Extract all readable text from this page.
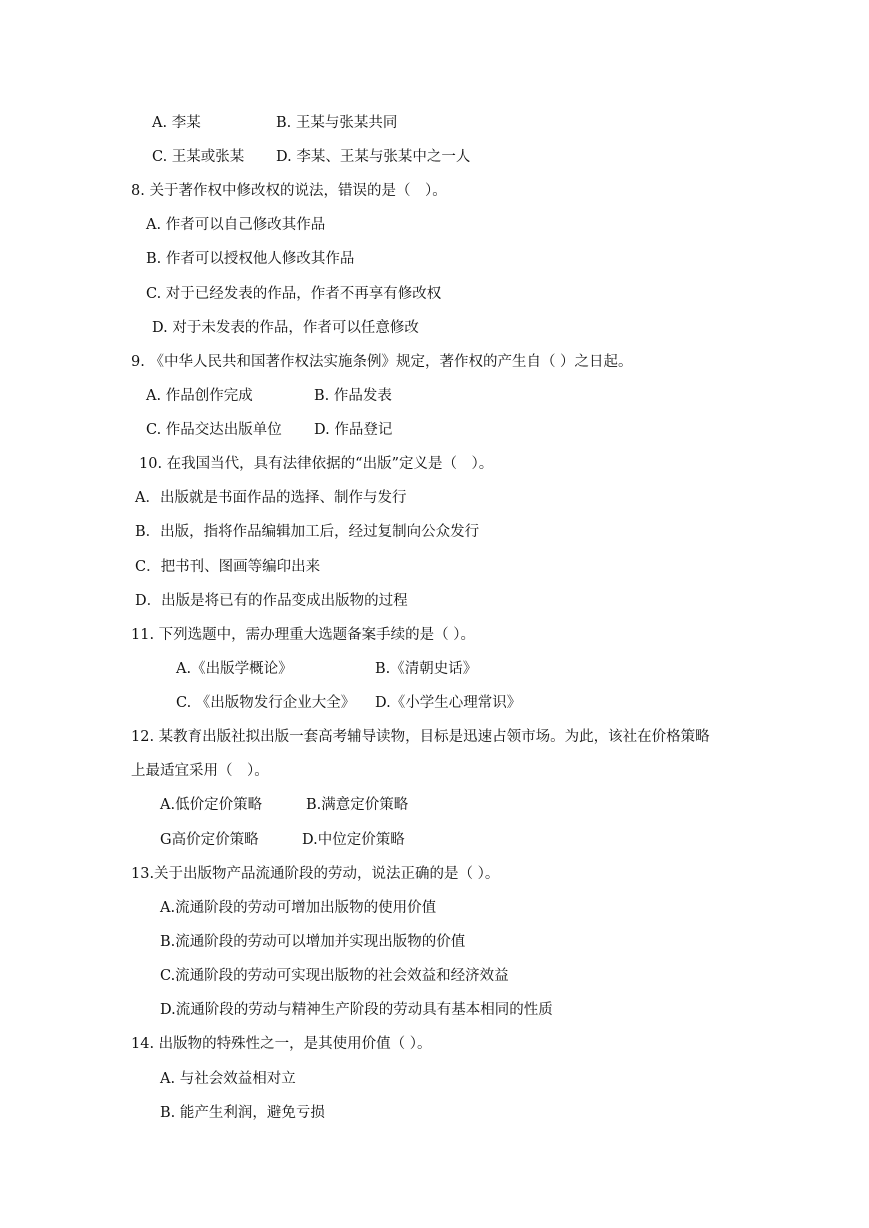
A. 李某	B. 王某与张某共同
C. 王某或张某 D. 李某、王某与张某中之一人
8. 关于著作权中修改权的说法，错误的是（　）。
A. 作者可以自己修改其作品
B. 作者可以授权他人修改其作品
C. 对于已经发表的作品，作者不再享有修改权
D. 对于未发表的作品，作者可以任意修改
9. 《中华人民共和国著作权法实施条例》规定，著作权的产生自（ ）之日起。
A. 作品创作完成	B. 作品发表
C. 作品交达出版单位 D. 作品登记
10. 在我国当代，具有法律依据的“出版”定义是（　）。
A．出版就是书面作品的选择、制作与发行
B．出版，指将作品编辑加工后，经过复制向公众发行
C．把书刊、图画等编印出来
D．出版是将已有的作品变成出版物的过程
11. 下列选题中，需办理重大选题备案手续的是（ ）。
A.《出版学概论》	B.《清朝史话》
C. 《出版物发行企业大全》 D.《小学生心理常识》
12. 某教育出版社拟出版一套高考辅导读物，目标是迅速占领市场。为此，该社在价格策略
上最适宜采用（　）。
A.低价定价策略	B.满意定价策略
G高价定价策略	D.中位定价策略
13.关于出版物产品流通阶段的劳动，说法正确的是（ ）。
A.流通阶段的劳动可增加出版物的使用价值
B.流通阶段的劳动可以增加并实现出版物的价值
C.流通阶段的劳动可实现出版物的社会效益和经济效益
D.流通阶段的劳动与精神生产阶段的劳动具有基本相同的性质
14. 出版物的特殊性之一，是其使用价值（ ）。
A. 与社会效益相对立
B. 能产生利润，避免亏损
